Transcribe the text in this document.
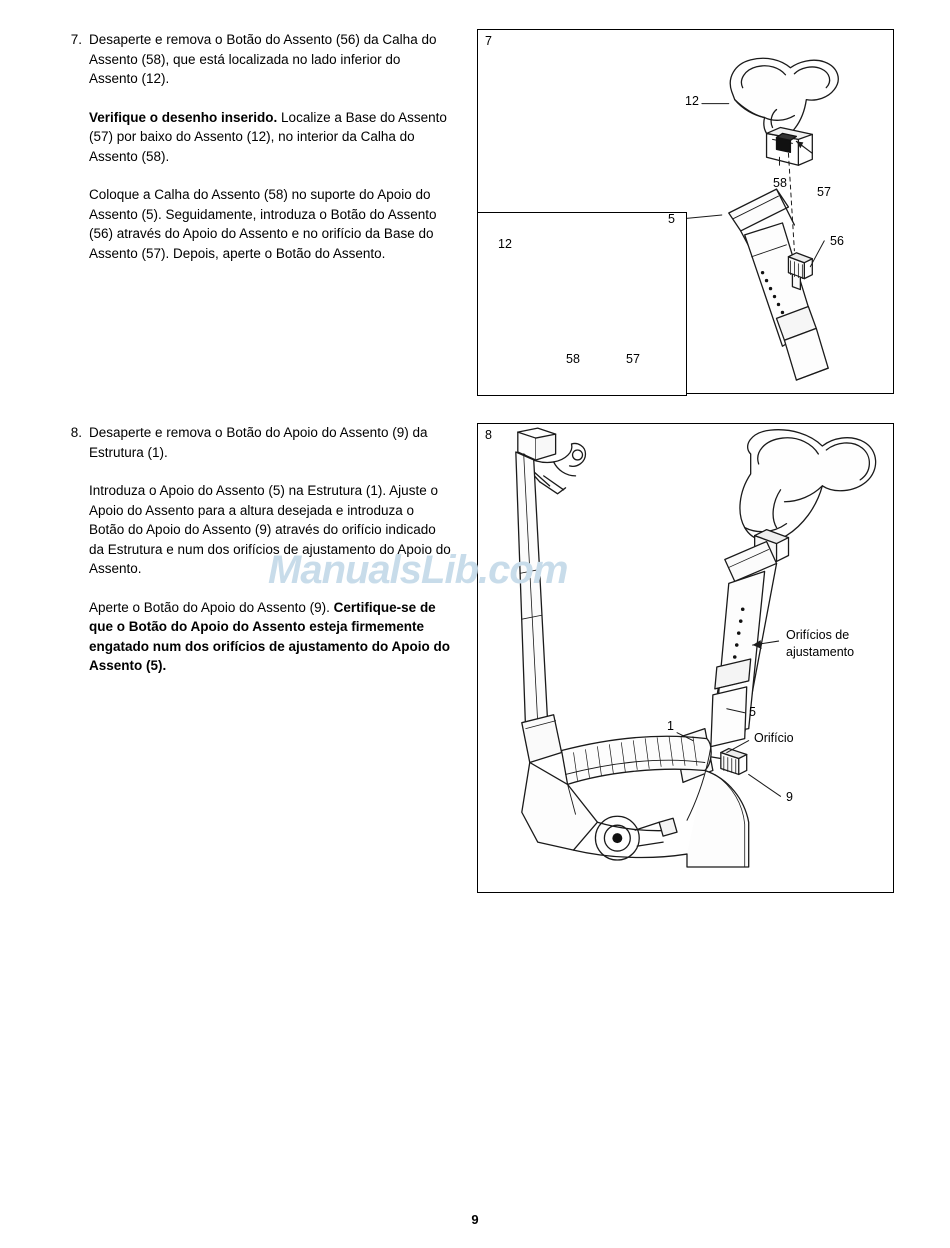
7. Desaperte e remova o Botão do Assento (56) da Calha do Assento (58), que está localizada no lado inferior do Assento (12).

Verifique o desenho inserido. Localize a Base do Assento (57) por baixo do Assento (12), no interior da Calha do Assento (58).

Coloque a Calha do Assento (58) no suporte do Apoio do Assento (5). Seguidamente, introduza o Botão do Assento (56) através do Apoio do Assento e no orifício da Base do Assento (57). Depois, aperte o Botão do Assento.

8. Desaperte e remova o Botão do Apoio do Assento (9) da Estrutura (1).

Introduza o Apoio do Assento (5) na Estrutura (1). Ajuste o Apoio do Assento para a altura desejada e introduza o Botão do Apoio do Assento (9) através do orifício indicado da Estrutura e num dos orifícios de ajustamento do Apoio do Assento.

Aperte o Botão do Apoio do Assento (9). Certifique-se de que o Botão do Apoio do Assento esteja firmemente engatado num dos orifícios de ajustamento do Apoio do Assento (5).

7
12
58
57
5
56
12
58	57
8
Orifícios de
ajustamento
5
1
Orifício
9
ManualsLib.com
9
